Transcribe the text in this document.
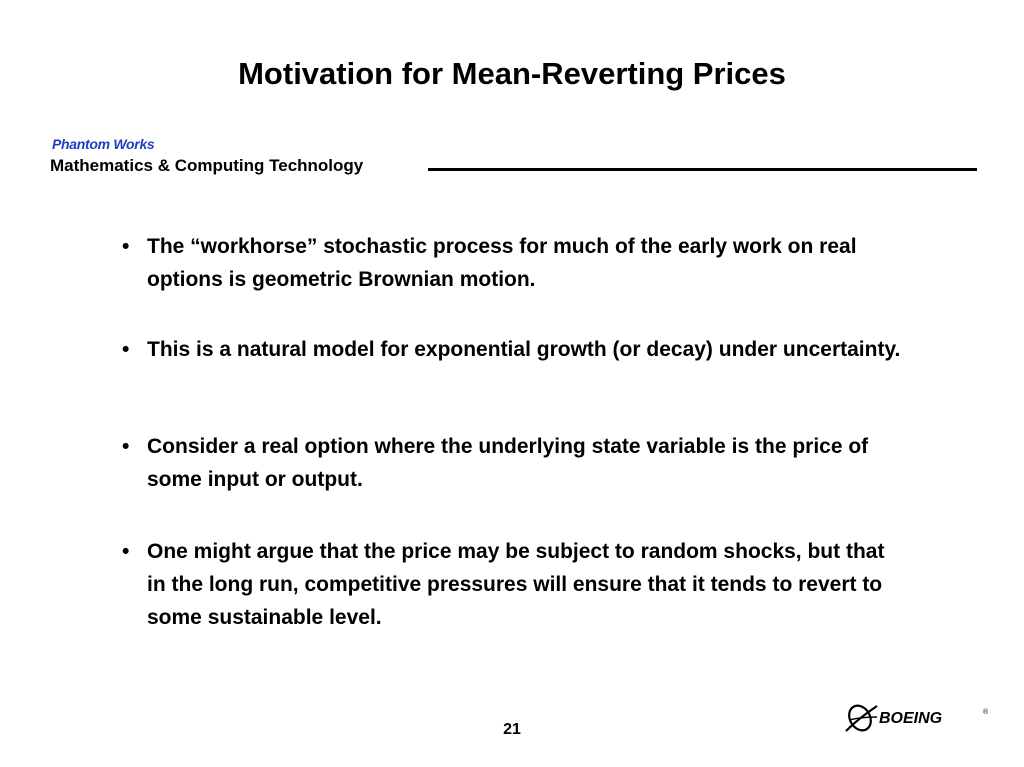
Motivation for Mean-Reverting Prices
Phantom Works
Mathematics & Computing Technology
• The “workhorse” stochastic process for much of the early work on real options is geometric Brownian motion.
• This is a natural model for exponential growth (or decay) under uncertainty.
• Consider a real option where the underlying state variable is the price of some input or output.
• One might argue that the price may be subject to random shocks, but that in the long run, competitive pressures will ensure that it tends to revert to some sustainable level.
21
BOEING	®
